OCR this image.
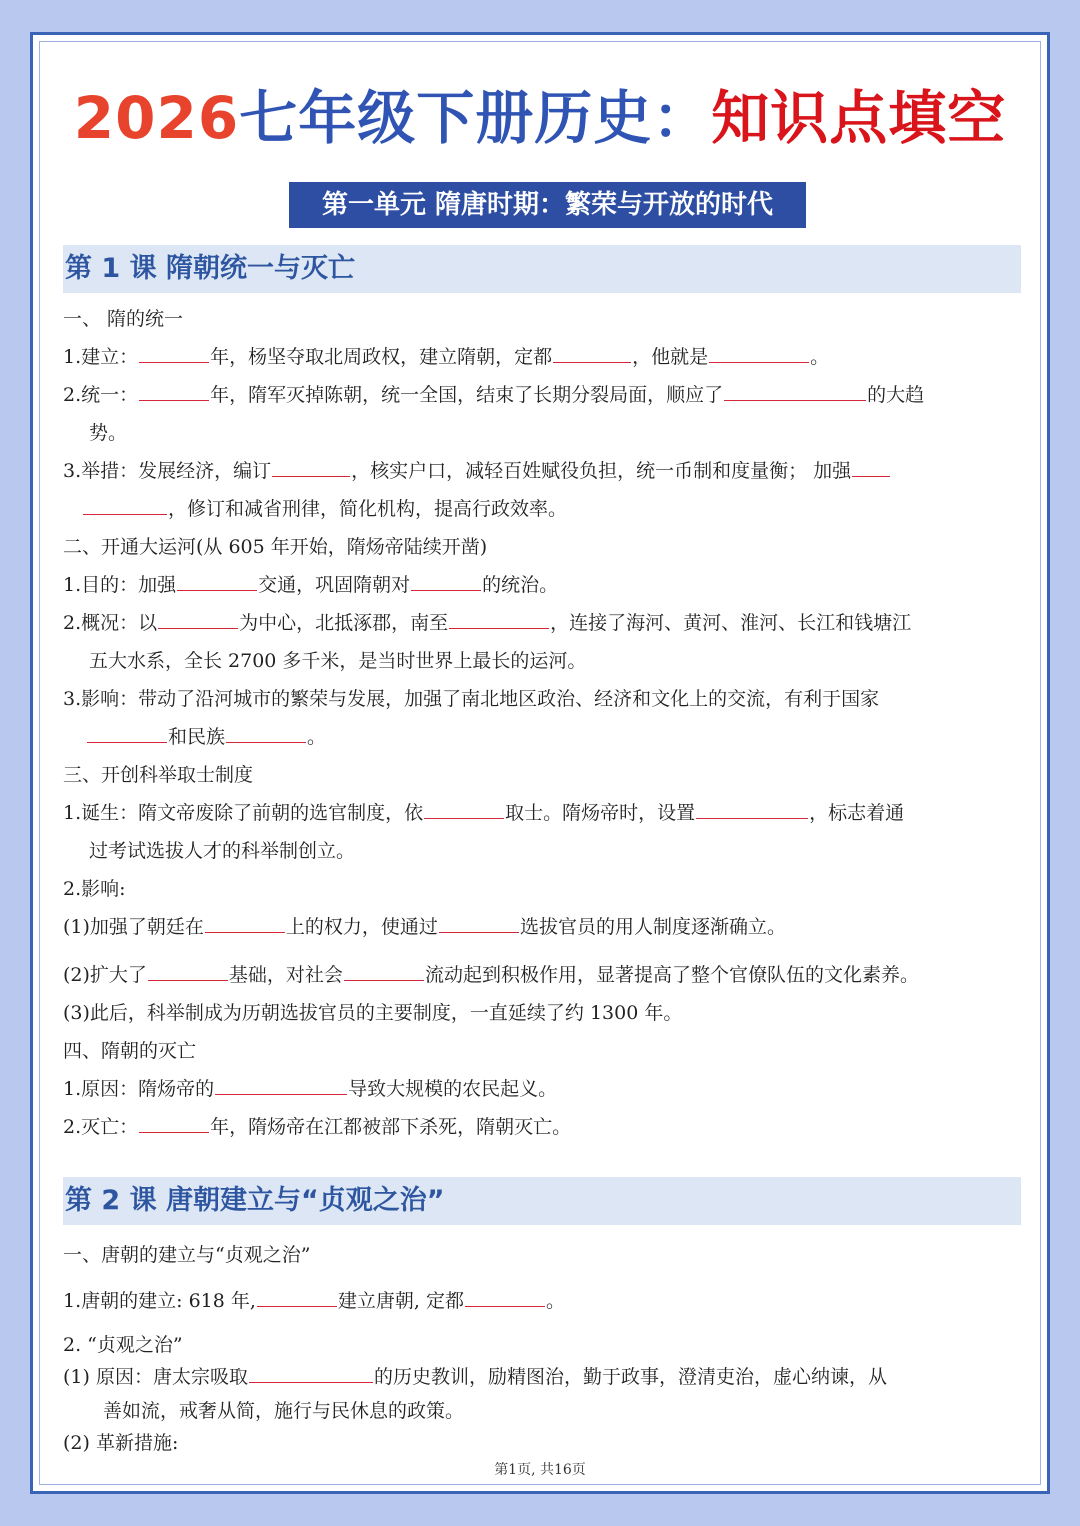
2026七年级下册历史：知识点填空
第一单元 隋唐时期：繁荣与开放的时代
第 1 课 隋朝统一与灭亡
一、 隋的统一
1.建立：	年，杨坚夺取北周政权，建立隋朝，定都	，他就是	。
2.统一：	年，隋军灭掉陈朝，统一全国，结束了长期分裂局面，顺应了	的大趋
势。
3.举措：发展经济，编订	，核实户口，减轻百姓赋役负担，统一币制和度量衡； 加强
，修订和减省刑律，简化机构，提高行政效率。
二、开通大运河(从 605 年开始，隋炀帝陆续开凿)
1.目的：加强	交通，巩固隋朝对	的统治。
2.概况：以	为中心，北抵涿郡，南至	，连接了海河、黄河、淮河、长江和钱塘江
五大水系，全长 2700 多千米，是当时世界上最长的运河。
3.影响：带动了沿河城市的繁荣与发展，加强了南北地区政治、经济和文化上的交流，有利于国家
和民族	。
三、开创科举取士制度
1.诞生：隋文帝废除了前朝的选官制度，依	取士。隋炀帝时，设置	，标志着通
过考试选拔人才的科举制创立。
2.影响:
(1)加强了朝廷在	上的权力，使通过	选拔官员的用人制度逐渐确立。
(2)扩大了	基础，对社会	流动起到积极作用，显著提高了整个官僚队伍的文化素养。
(3)此后，科举制成为历朝选拔官员的主要制度，一直延续了约 1300 年。
四、隋朝的灭亡
1.原因：隋炀帝的	导致大规模的农民起义。
2.灭亡：	年，隋炀帝在江都被部下杀死，隋朝灭亡。
第 2 课 唐朝建立与“贞观之治”
一、唐朝的建立与“贞观之治”
1.唐朝的建立: 618 年,	建立唐朝, 定都	。
2. “贞观之治”
(1) 原因：唐太宗吸取	的历史教训，励精图治，勤于政事，澄清吏治，虚心纳谏，从
善如流，戒奢从简，施行与民休息的政策。
(2) 革新措施:
第1页, 共16页
